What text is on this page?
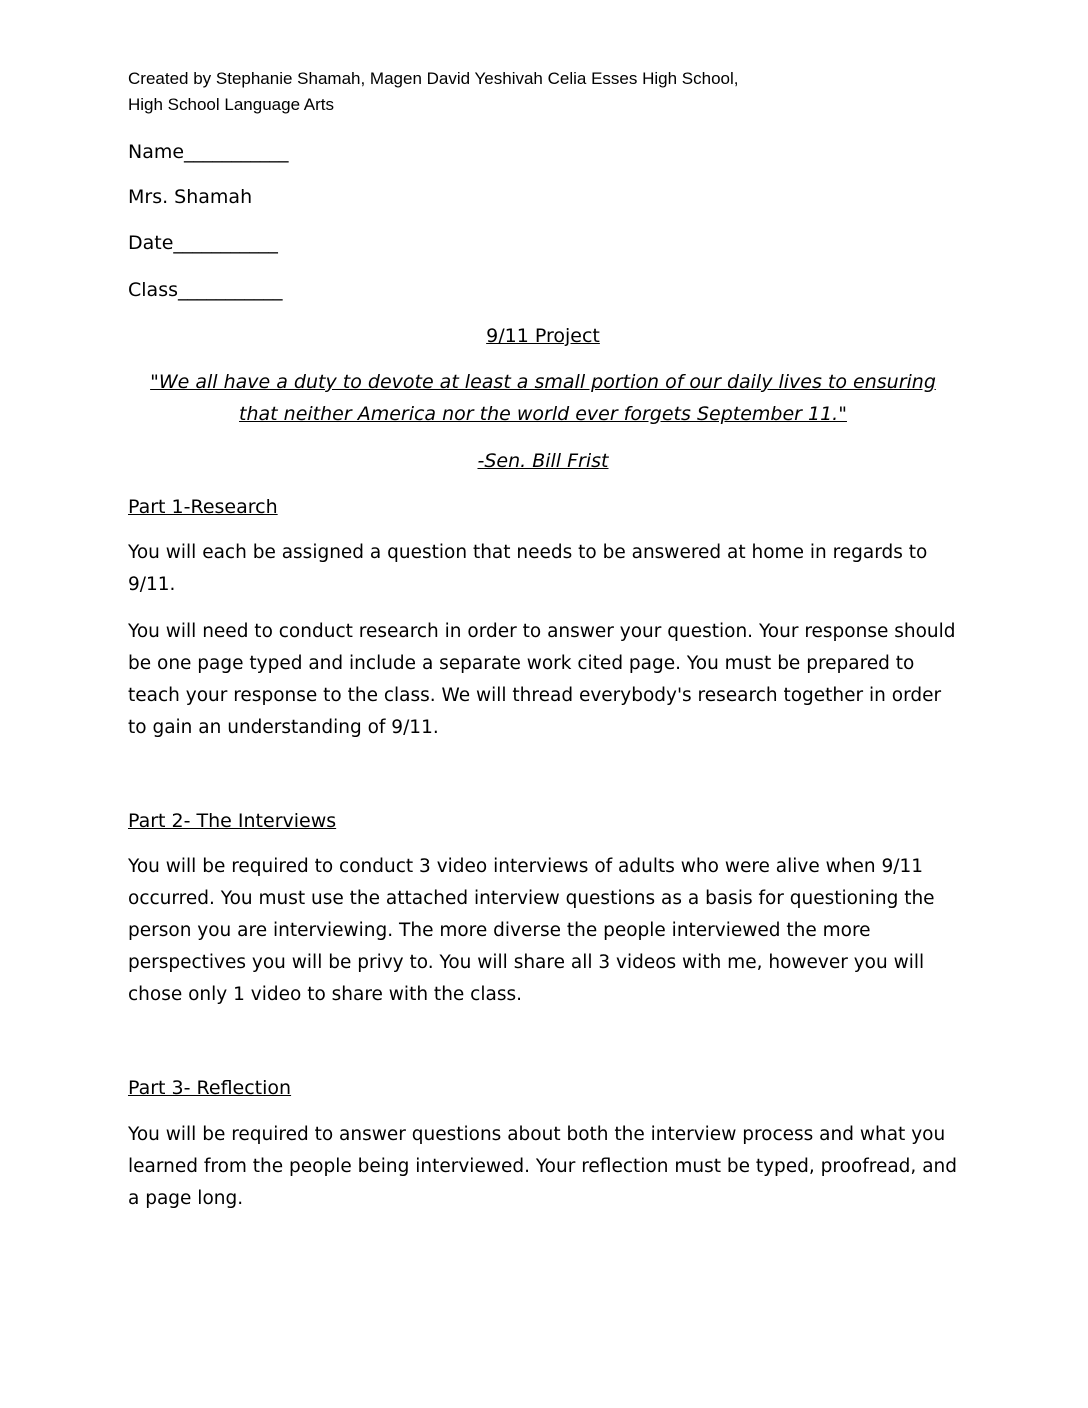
Created by Stephanie Shamah, Magen David Yeshivah Celia Esses High School,
High School Language Arts
Name___________
Mrs. Shamah
Date___________
Class___________
9/11 Project
"We all have a duty to devote at least a small portion of our daily lives to ensuring that neither America nor the world ever forgets September 11."
-Sen. Bill Frist
Part 1-Research

You will each be assigned a question that needs to be answered at home in regards to 9/11.

You will need to conduct research in order to answer your question. Your response should be one page typed and include a separate work cited page. You must be prepared to teach your response to the class. We will thread everybody's research together in order to gain an understanding of 9/11.

Part 2- The Interviews

You will be required to conduct 3 video interviews of adults who were alive when 9/11 occurred. You must use the attached interview questions as a basis for questioning the person you are interviewing. The more diverse the people interviewed the more perspectives you will be privy to. You will share all 3 videos with me, however you will chose only 1 video to share with the class.

Part 3- Reflection

You will be required to answer questions about both the interview process and what you learned from the people being interviewed. Your reflection must be typed, proofread, and a page long.
